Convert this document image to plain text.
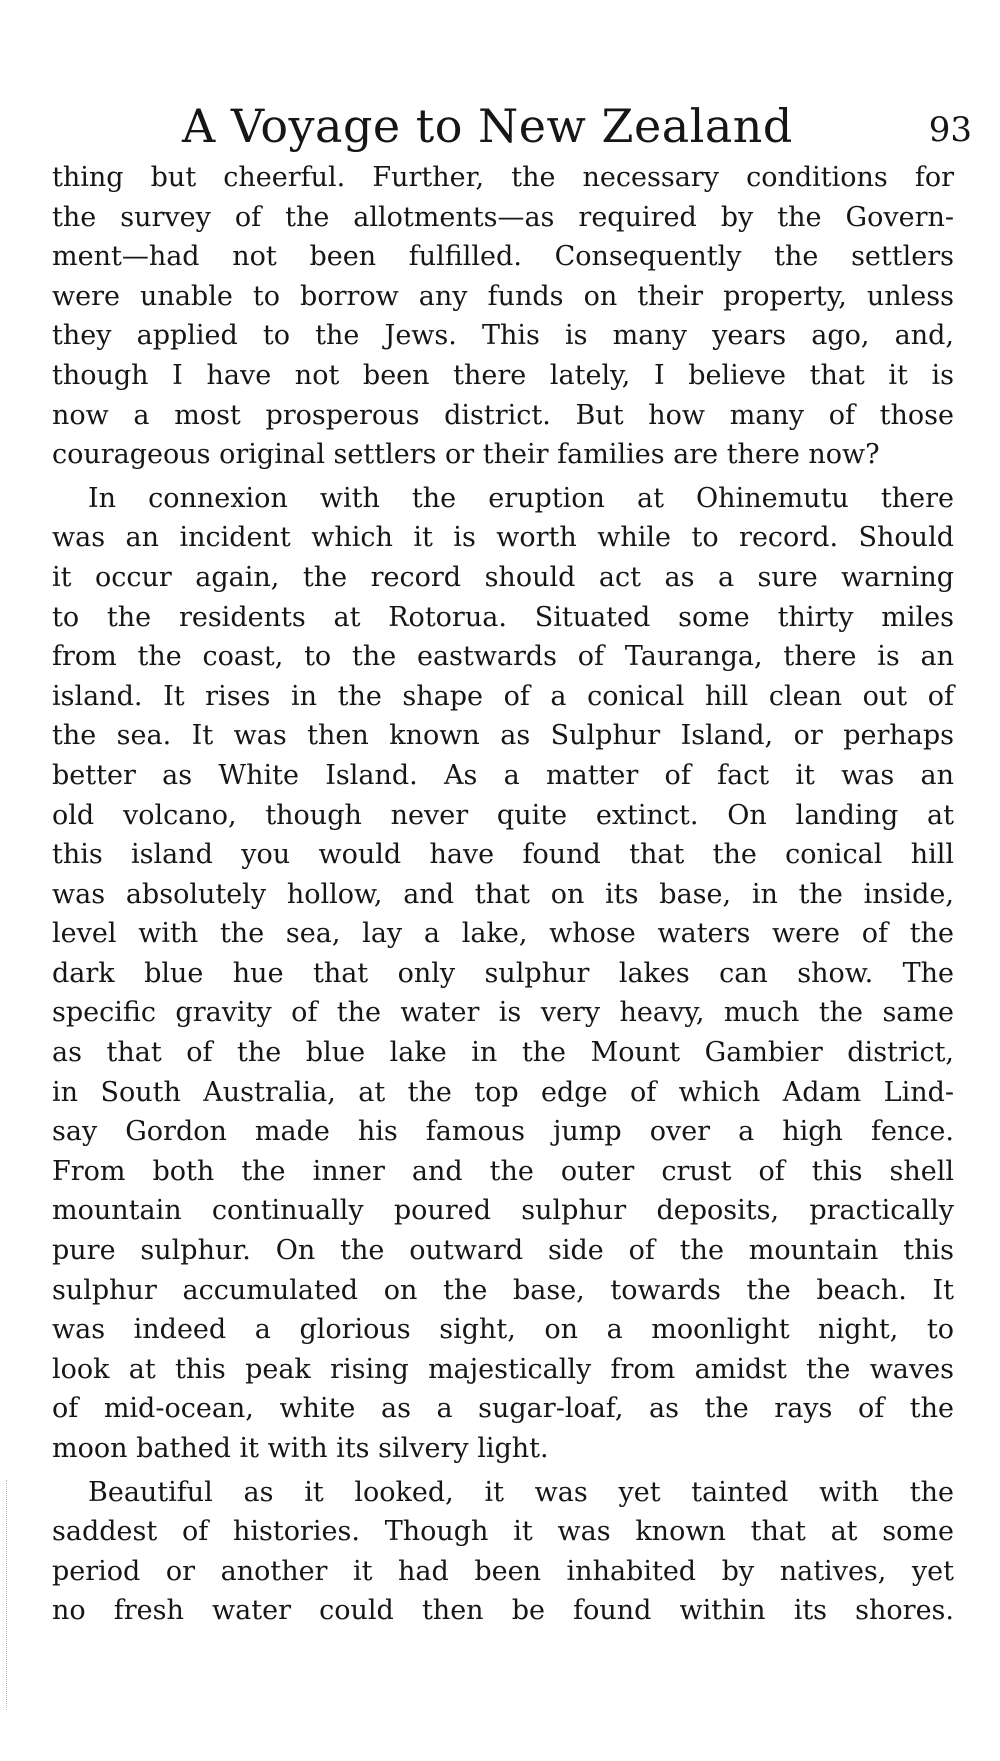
A Voyage to New Zealand	93
thing but cheerful. Further, the necessary conditions for
the survey of the allotments—as required by the Govern-
ment—had not been fulfilled. Consequently the settlers
were unable to borrow any funds on their property, unless
they applied to the Jews. This is many years ago, and,
though I have not been there lately, I believe that it is
now a most prosperous district. But how many of those
courageous original settlers or their families are there now?
In connexion with the eruption at Ohinemutu there
was an incident which it is worth while to record. Should
it occur again, the record should act as a sure warning
to the residents at Rotorua. Situated some thirty miles
from the coast, to the eastwards of Tauranga, there is an
island. It rises in the shape of a conical hill clean out of
the sea. It was then known as Sulphur Island, or perhaps
better as White Island. As a matter of fact it was an
old volcano, though never quite extinct. On landing at
this island you would have found that the conical hill
was absolutely hollow, and that on its base, in the inside,
level with the sea, lay a lake, whose waters were of the
dark blue hue that only sulphur lakes can show. The
specific gravity of the water is very heavy, much the same
as that of the blue lake in the Mount Gambier district,
in South Australia, at the top edge of which Adam Lind-
say Gordon made his famous jump over a high fence.
From both the inner and the outer crust of this shell
mountain continually poured sulphur deposits, practically
pure sulphur. On the outward side of the mountain this
sulphur accumulated on the base, towards the beach. It
was indeed a glorious sight, on a moonlight night, to
look at this peak rising majestically from amidst the waves
of mid-ocean, white as a sugar-loaf, as the rays of the
moon bathed it with its silvery light.
Beautiful as it looked, it was yet tainted with the
saddest of histories. Though it was known that at some
period or another it had been inhabited by natives, yet
no fresh water could then be found within its shores.
